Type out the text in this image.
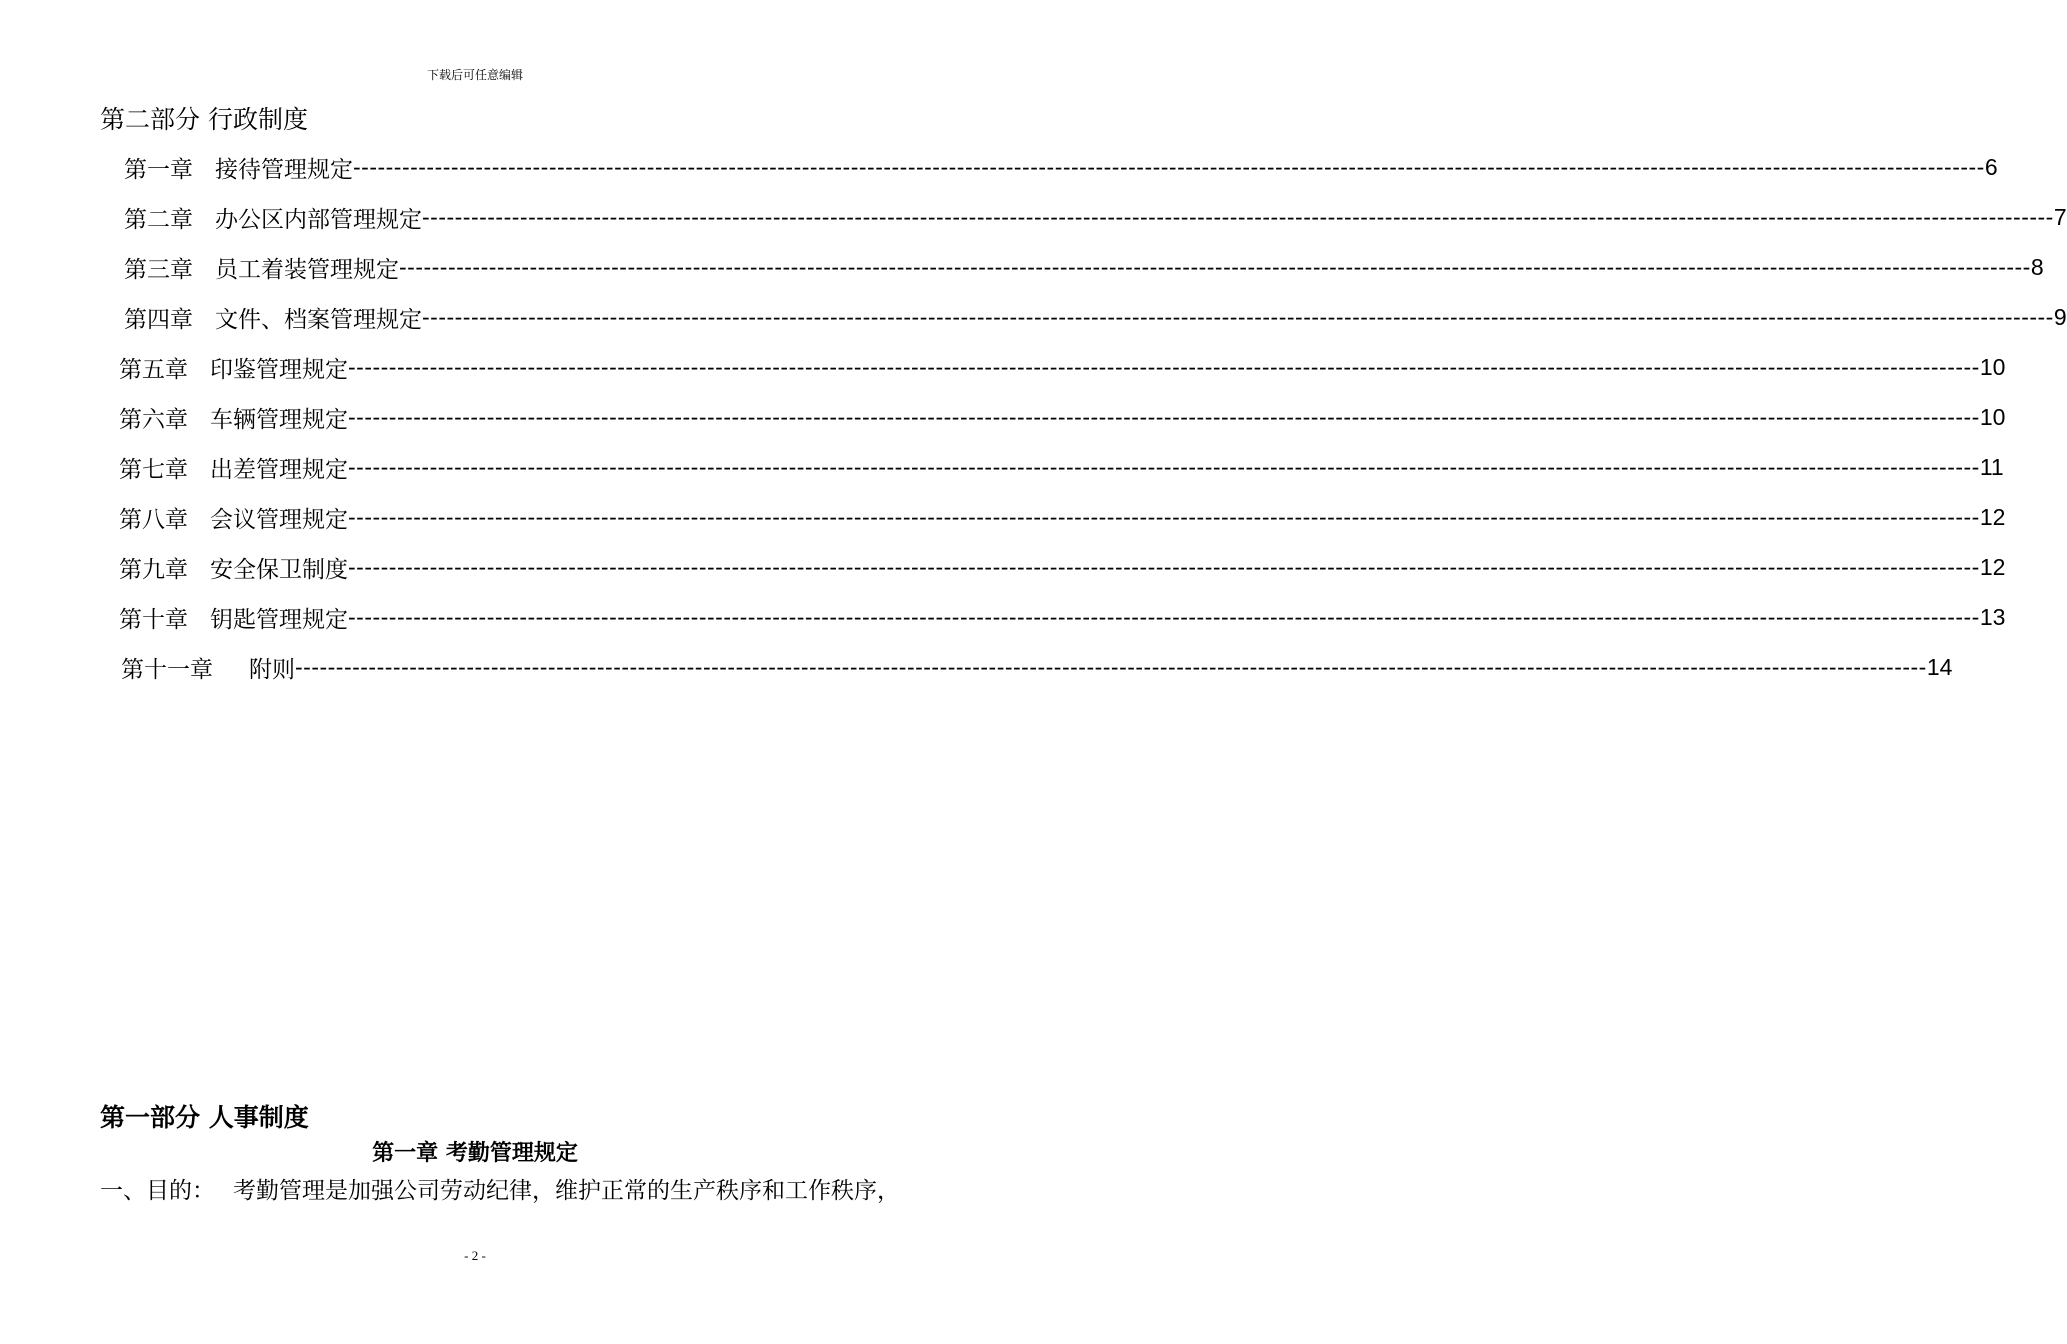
下载后可任意编辑
第二部分 行政制度
第一章 接待管理规定 -------------------------------------------------------------------------------------------------------------------------------------------------------------------------------------------------------- 6
第二章 办公区内部管理规定 -------------------------------------------------------------------------------------------------------------------------------------------------------------------------------------------------------- 7
第三章 员工着装管理规定 -------------------------------------------------------------------------------------------------------------------------------------------------------------------------------------------------------- 8
第四章 文件、档案管理规定 -------------------------------------------------------------------------------------------------------------------------------------------------------------------------------------------------------- 9
第五章 印鉴管理规定 -------------------------------------------------------------------------------------------------------------------------------------------------------------------------------------------------------- 10
第六章 车辆管理规定 -------------------------------------------------------------------------------------------------------------------------------------------------------------------------------------------------------- 10
第七章 出差管理规定 -------------------------------------------------------------------------------------------------------------------------------------------------------------------------------------------------------- 11
第八章 会议管理规定 -------------------------------------------------------------------------------------------------------------------------------------------------------------------------------------------------------- 12
第九章 安全保卫制度 -------------------------------------------------------------------------------------------------------------------------------------------------------------------------------------------------------- 12
第十章 钥匙管理规定 -------------------------------------------------------------------------------------------------------------------------------------------------------------------------------------------------------- 13
第十一章 附则 -------------------------------------------------------------------------------------------------------------------------------------------------------------------------------------------------------- 14
第一部分 人事制度
第一章 考勤管理规定
一、目的： 考勤管理是加强公司劳动纪律，维护正常的生产秩序和工作秩序，
- 2 -
